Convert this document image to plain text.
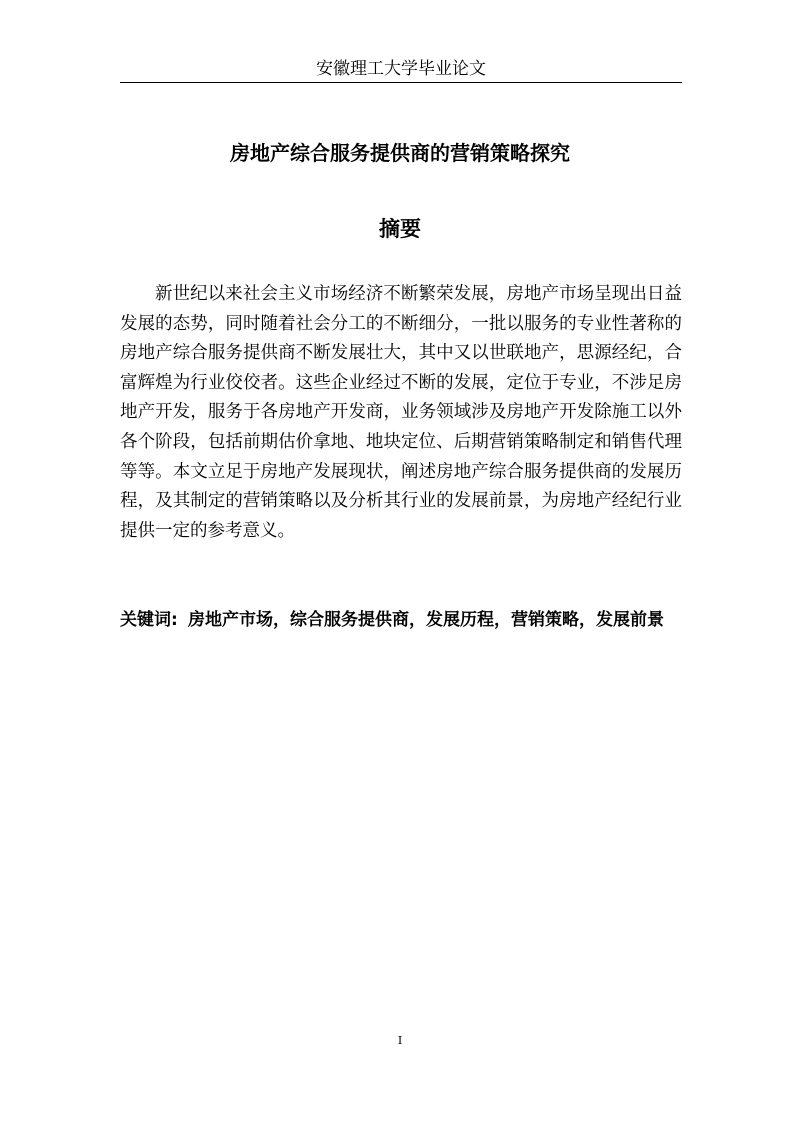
安徽理工大学毕业论文
房地产综合服务提供商的营销策略探究
摘要

新世纪以来社会主义市场经济不断繁荣发展，房地产市场呈现出日益发展的态势，同时随着社会分工的不断细分，一批以服务的专业性著称的房地产综合服务提供商不断发展壮大，其中又以世联地产，思源经纪，合富辉煌为行业佼佼者。这些企业经过不断的发展，定位于专业，不涉足房地产开发，服务于各房地产开发商，业务领域涉及房地产开发除施工以外各个阶段，包括前期估价拿地、地块定位、后期营销策略制定和销售代理等等。本文立足于房地产发展现状，阐述房地产综合服务提供商的发展历程，及其制定的营销策略以及分析其行业的发展前景，为房地产经纪行业提供一定的参考意义。

关键词: 房地产市场，综合服务提供商，发展历程，营销策略，发展前景
I
